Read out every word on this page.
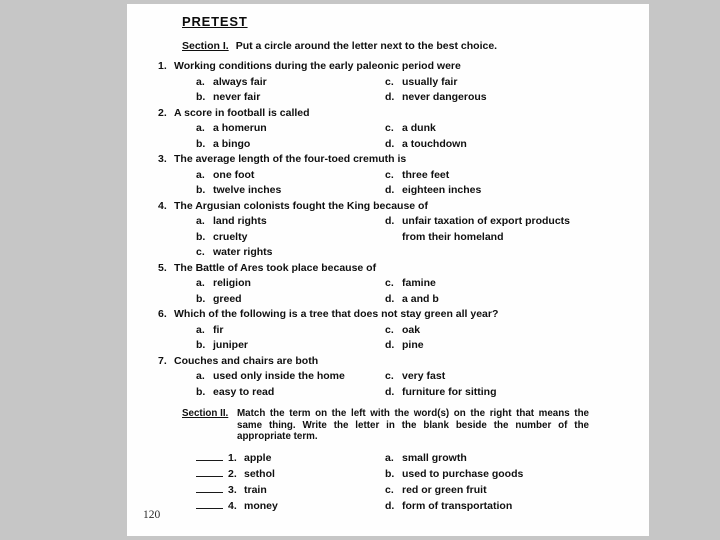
PRETEST
Section I. Put a circle around the letter next to the best choice.
1. Working conditions during the early paleonic period were
a. always fair	c. usually fair
b. never fair	d. never dangerous
2. A score in football is called
a. a homerun	c. a dunk
b. a bingo	d. a touchdown
3. The average length of the four-toed cremuth is
a. one foot	c. three feet
b. twelve inches	d. eighteen inches
4. The Argusian colonists fought the King because of
a. land rights	d. unfair taxation of export products
b. cruelty	from their homeland
c. water rights
5. The Battle of Ares took place because of
a. religion	c. famine
b. greed	d. a and b
6. Which of the following is a tree that does not stay green all year?
a. fir	c. oak
b. juniper	d. pine
7. Couches and chairs are both
a. used only inside the home	c. very fast
b. easy to read	d. furniture for sitting
Section II. Match the term on the left with the word(s) on the right that means the same thing. Write the letter in the blank beside the number of the appropriate term.

1. apple	a. small growth
2. sethol	b. used to purchase goods
3. train	c. red or green fruit
4. money	d. form of transportation
120
